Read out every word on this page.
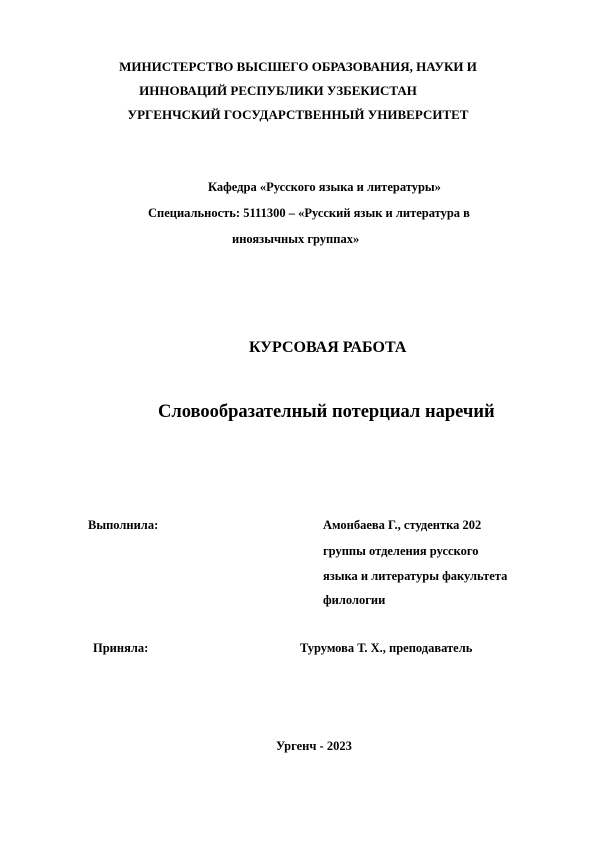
МИНИСТЕРСТВО ВЫСШЕГО ОБРАЗОВАНИЯ, НАУКИ И
ИННОВАЦИЙ РЕСПУБЛИКИ УЗБЕКИСТАН
УРГЕНЧСКИЙ ГОСУДАРСТВЕННЫЙ УНИВЕРСИТЕТ
Кафедра «Русского языка и литературы»
Специальность: 5111300 – «Русский язык и литература в
иноязычных группах»
КУРСОВАЯ РАБОТА
Словообразателный потерциал наречий
Выполнила:	Амонбаева Г., студентка 202
группы отделения русского
языка и литературы факультета
филологии
Приняла:	Турумова Т. Х., преподаватель
Ургенч - 2023
